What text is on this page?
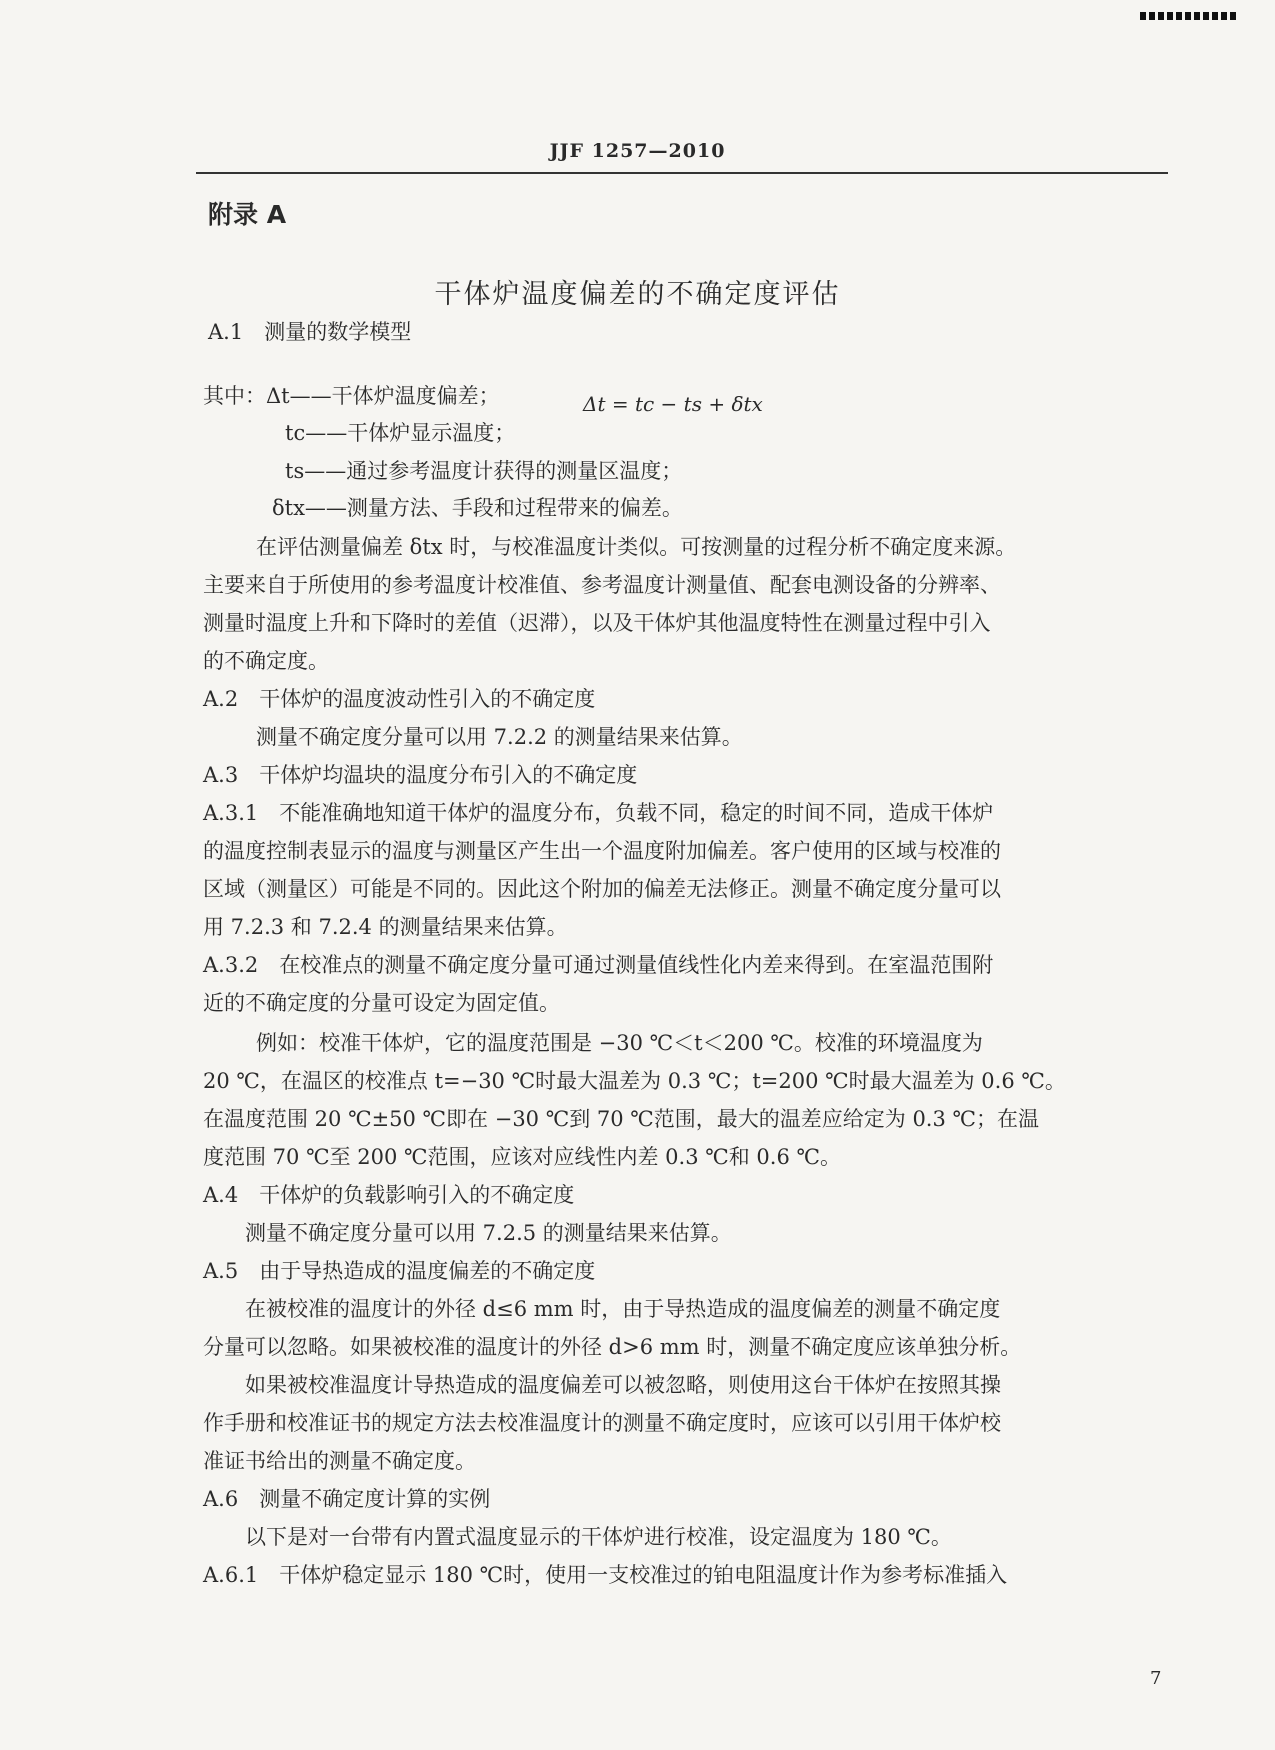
JJF 1257—2010
附录 A
干体炉温度偏差的不确定度评估
A.1　测量的数学模型
Δt = tc − ts + δtx
其中：Δt——干体炉温度偏差；
tc——干体炉显示温度；
ts——通过参考温度计获得的测量区温度；
δtx——测量方法、手段和过程带来的偏差。
在评估测量偏差 δtx 时，与校准温度计类似。可按测量的过程分析不确定度来源。
主要来自于所使用的参考温度计校准值、参考温度计测量值、配套电测设备的分辨率、
测量时温度上升和下降时的差值（迟滞），以及干体炉其他温度特性在测量过程中引入
的不确定度。
A.2　干体炉的温度波动性引入的不确定度
测量不确定度分量可以用 7.2.2 的测量结果来估算。
A.3　干体炉均温块的温度分布引入的不确定度
A.3.1　不能准确地知道干体炉的温度分布，负载不同，稳定的时间不同，造成干体炉
的温度控制表显示的温度与测量区产生出一个温度附加偏差。客户使用的区域与校准的
区域（测量区）可能是不同的。因此这个附加的偏差无法修正。测量不确定度分量可以
用 7.2.3 和 7.2.4 的测量结果来估算。
A.3.2　在校准点的测量不确定度分量可通过测量值线性化内差来得到。在室温范围附
近的不确定度的分量可设定为固定值。
例如：校准干体炉，它的温度范围是 −30 ℃＜t＜200 ℃。校准的环境温度为
20 ℃，在温区的校准点 t=−30 ℃时最大温差为 0.3 ℃；t=200 ℃时最大温差为 0.6 ℃。
在温度范围 20 ℃±50 ℃即在 −30 ℃到 70 ℃范围，最大的温差应给定为 0.3 ℃；在温
度范围 70 ℃至 200 ℃范围，应该对应线性内差 0.3 ℃和 0.6 ℃。
A.4　干体炉的负载影响引入的不确定度
测量不确定度分量可以用 7.2.5 的测量结果来估算。
A.5　由于导热造成的温度偏差的不确定度
在被校准的温度计的外径 d≤6 mm 时，由于导热造成的温度偏差的测量不确定度
分量可以忽略。如果被校准的温度计的外径 d>6 mm 时，测量不确定度应该单独分析。
如果被校准温度计导热造成的温度偏差可以被忽略，则使用这台干体炉在按照其操
作手册和校准证书的规定方法去校准温度计的测量不确定度时，应该可以引用干体炉校
准证书给出的测量不确定度。
A.6　测量不确定度计算的实例
以下是对一台带有内置式温度显示的干体炉进行校准，设定温度为 180 ℃。
A.6.1　干体炉稳定显示 180 ℃时，使用一支校准过的铂电阻温度计作为参考标准插入
7
